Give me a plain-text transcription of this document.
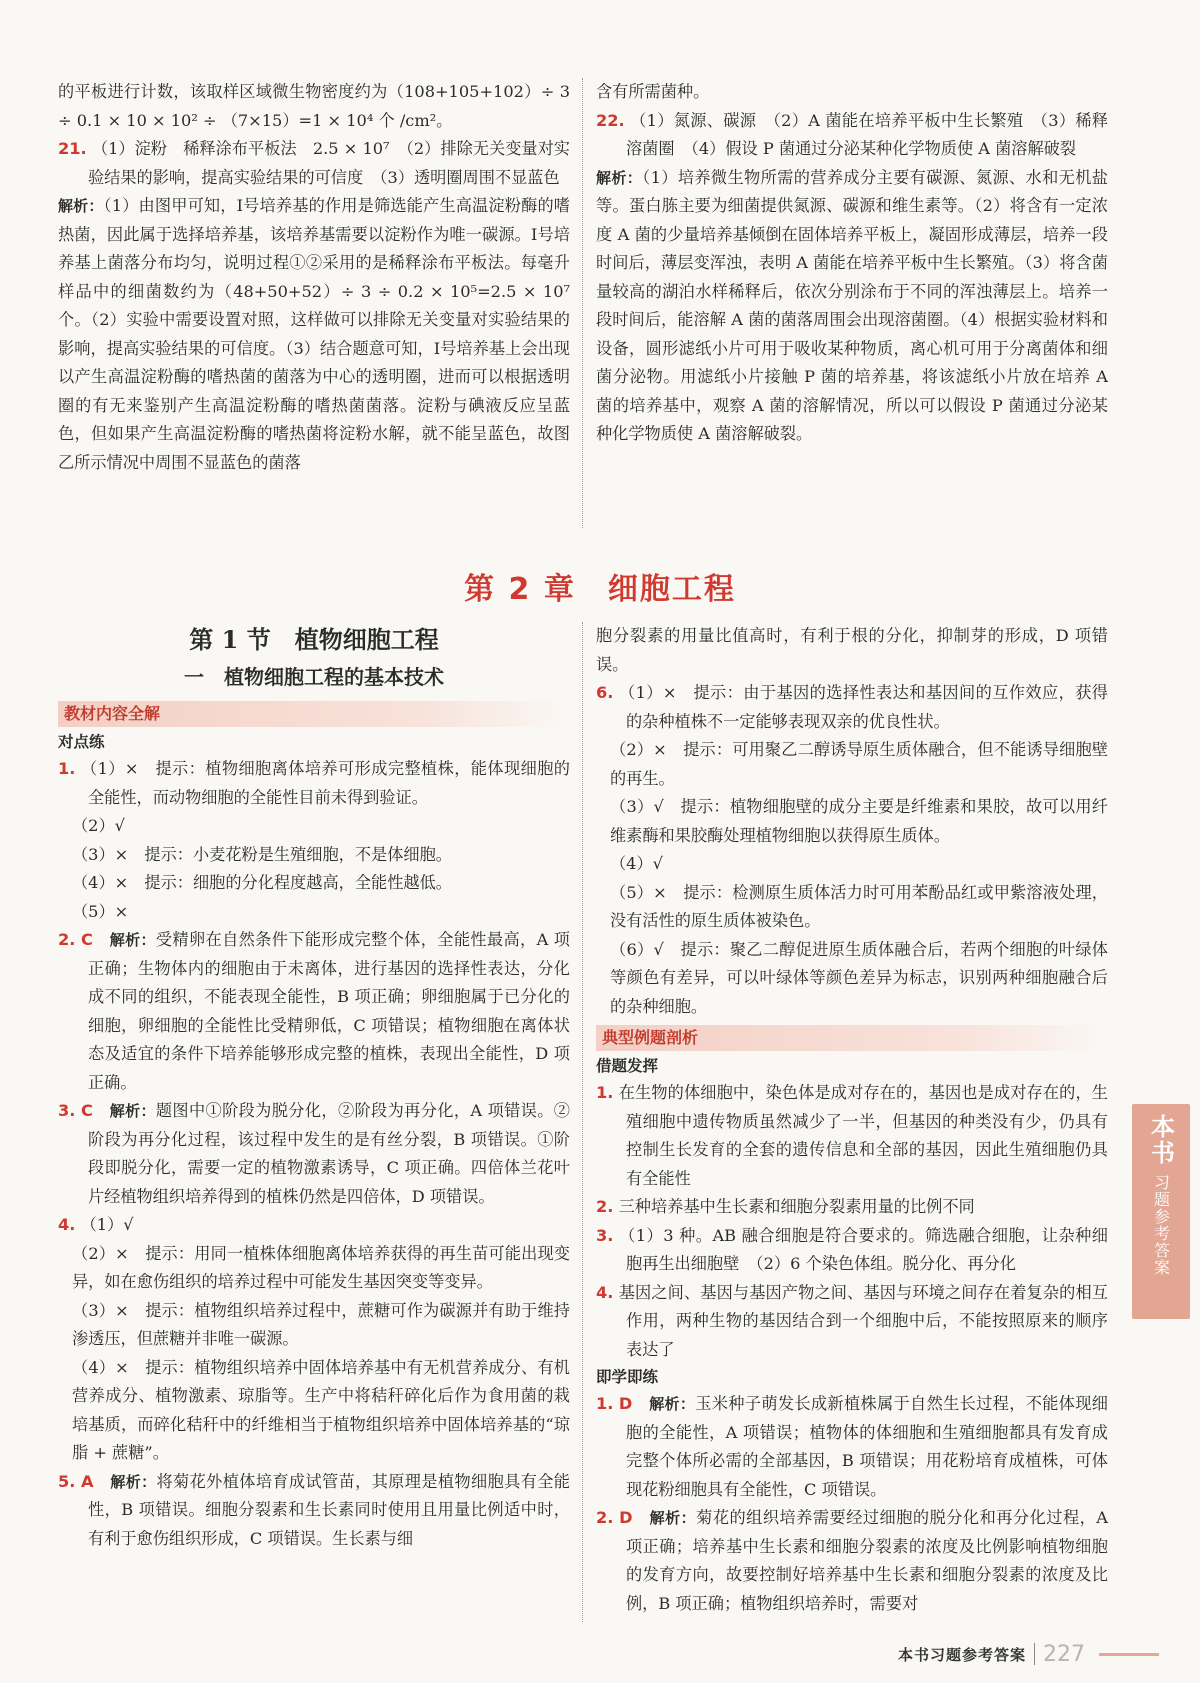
的平板进行计数，该取样区域微生物密度约为（108+105+102）÷ 3 ÷ 0.1 × 10 × 10² ÷ （7×15）=1 × 10⁴ 个 /cm²。

21. （1）淀粉　稀释涂布平板法　2.5 × 10⁷　（2）排除无关变量对实验结果的影响，提高实验结果的可信度　（3）透明圈周围不显蓝色

解析：（1）由图甲可知，Ⅰ号培养基的作用是筛选能产生高温淀粉酶的嗜热菌，因此属于选择培养基，该培养基需要以淀粉作为唯一碳源。Ⅰ号培养基上菌落分布均匀，说明过程①②采用的是稀释涂布平板法。每毫升样品中的细菌数约为（48+50+52）÷ 3 ÷ 0.2 × 10⁵=2.5 × 10⁷ 个。（2）实验中需要设置对照，这样做可以排除无关变量对实验结果的影响，提高实验结果的可信度。（3）结合题意可知，Ⅰ号培养基上会出现以产生高温淀粉酶的嗜热菌的菌落为中心的透明圈，进而可以根据透明圈的有无来鉴别产生高温淀粉酶的嗜热菌菌落。淀粉与碘液反应呈蓝色，但如果产生高温淀粉酶的嗜热菌将淀粉水解，就不能呈蓝色，故图乙所示情况中周围不显蓝色的菌落

含有所需菌种。

22. （1）氮源、碳源　（2）A 菌能在培养平板中生长繁殖　（3）稀释　溶菌圈　（4）假设 P 菌通过分泌某种化学物质使 A 菌溶解破裂

解析：（1）培养微生物所需的营养成分主要有碳源、氮源、水和无机盐等。蛋白胨主要为细菌提供氮源、碳源和维生素等。（2）将含有一定浓度 A 菌的少量培养基倾倒在固体培养平板上，凝固形成薄层，培养一段时间后，薄层变浑浊，表明 A 菌能在培养平板中生长繁殖。（3）将含菌量较高的湖泊水样稀释后，依次分别涂布于不同的浑浊薄层上。培养一段时间后，能溶解 A 菌的菌落周围会出现溶菌圈。（4）根据实验材料和设备，圆形滤纸小片可用于吸收某种物质，离心机可用于分离菌体和细菌分泌物。用滤纸小片接触 P 菌的培养基，将该滤纸小片放在培养 A 菌的培养基中，观察 A 菌的溶解情况，所以可以假设 P 菌通过分泌某种化学物质使 A 菌溶解破裂。

第 2 章　细胞工程
第 1 节　植物细胞工程
一　植物细胞工程的基本技术
教材内容全解
对点练

1. （1）×　提示：植物细胞离体培养可形成完整植株，能体现细胞的全能性，而动物细胞的全能性目前未得到验证。

（2）√

（3）×　提示：小麦花粉是生殖细胞，不是体细胞。

（4）×　提示：细胞的分化程度越高，全能性越低。

（5）×

2. C　 解析：受精卵在自然条件下能形成完整个体，全能性最高，A 项正确；生物体内的细胞由于未离体，进行基因的选择性表达，分化成不同的组织，不能表现全能性，B 项正确；卵细胞属于已分化的细胞，卵细胞的全能性比受精卵低，C 项错误；植物细胞在离体状态及适宜的条件下培养能够形成完整的植株，表现出全能性，D 项正确。

3. C　 解析：题图中①阶段为脱分化，②阶段为再分化，A 项错误。②阶段为再分化过程，该过程中发生的是有丝分裂，B 项错误。①阶段即脱分化，需要一定的植物激素诱导，C 项正确。四倍体兰花叶片经植物组织培养得到的植株仍然是四倍体，D 项错误。

4. （1）√

（2）×　提示：用同一植株体细胞离体培养获得的再生苗可能出现变异，如在愈伤组织的培养过程中可能发生基因突变等变异。

（3）×　提示：植物组织培养过程中，蔗糖可作为碳源并有助于维持渗透压，但蔗糖并非唯一碳源。

（4）×　提示：植物组织培养中固体培养基中有无机营养成分、有机营养成分、植物激素、琼脂等。生产中将秸秆碎化后作为食用菌的栽培基质，而碎化秸秆中的纤维相当于植物组织培养中固体培养基的“琼脂 + 蔗糖”。

5. A　 解析：将菊花外植体培育成试管苗，其原理是植物细胞具有全能性，B 项错误。细胞分裂素和生长素同时使用且用量比例适中时，有利于愈伤组织形成，C 项错误。生长素与细

胞分裂素的用量比值高时，有利于根的分化，抑制芽的形成，D 项错误。

6. （1）×　提示：由于基因的选择性表达和基因间的互作效应，获得的杂种植株不一定能够表现双亲的优良性状。

（2）×　提示：可用聚乙二醇诱导原生质体融合，但不能诱导细胞壁的再生。

（3）√　提示：植物细胞壁的成分主要是纤维素和果胶，故可以用纤维素酶和果胶酶处理植物细胞以获得原生质体。

（4）√

（5）×　提示：检测原生质体活力时可用苯酚品红或甲紫溶液处理，没有活性的原生质体被染色。

（6）√　提示：聚乙二醇促进原生质体融合后，若两个细胞的叶绿体等颜色有差异，可以叶绿体等颜色差异为标志，识别两种细胞融合后的杂种细胞。

典型例题剖析
借题发挥

1. 在生物的体细胞中，染色体是成对存在的，基因也是成对存在的，生殖细胞中遗传物质虽然减少了一半，但基因的种类没有少，仍具有控制生长发育的全套的遗传信息和全部的基因，因此生殖细胞仍具有全能性

2. 三种培养基中生长素和细胞分裂素用量的比例不同

3. （1）3 种。AB 融合细胞是符合要求的。筛选融合细胞，让杂种细胞再生出细胞壁　（2）6 个染色体组。脱分化、再分化

4. 基因之间、基因与基因产物之间、基因与环境之间存在着复杂的相互作用，两种生物的基因结合到一个细胞中后，不能按照原来的顺序表达了

即学即练

1. D　 解析：玉米种子萌发长成新植株属于自然生长过程，不能体现细胞的全能性，A 项错误；植物体的体细胞和生殖细胞都具有发育成完整个体所必需的全部基因，B 项错误；用花粉培育成植株，可体现花粉细胞具有全能性，C 项错误。

2. D　 解析：菊花的组织培养需要经过细胞的脱分化和再分化过程，A 项正确；培养基中生长素和细胞分裂素的浓度及比例影响植物细胞的发育方向，故要控制好培养基中生长素和细胞分裂素的浓度及比例，B 项正确；植物组织培养时，需要对

本书
习题参考答案
本书习题参考答案 227
